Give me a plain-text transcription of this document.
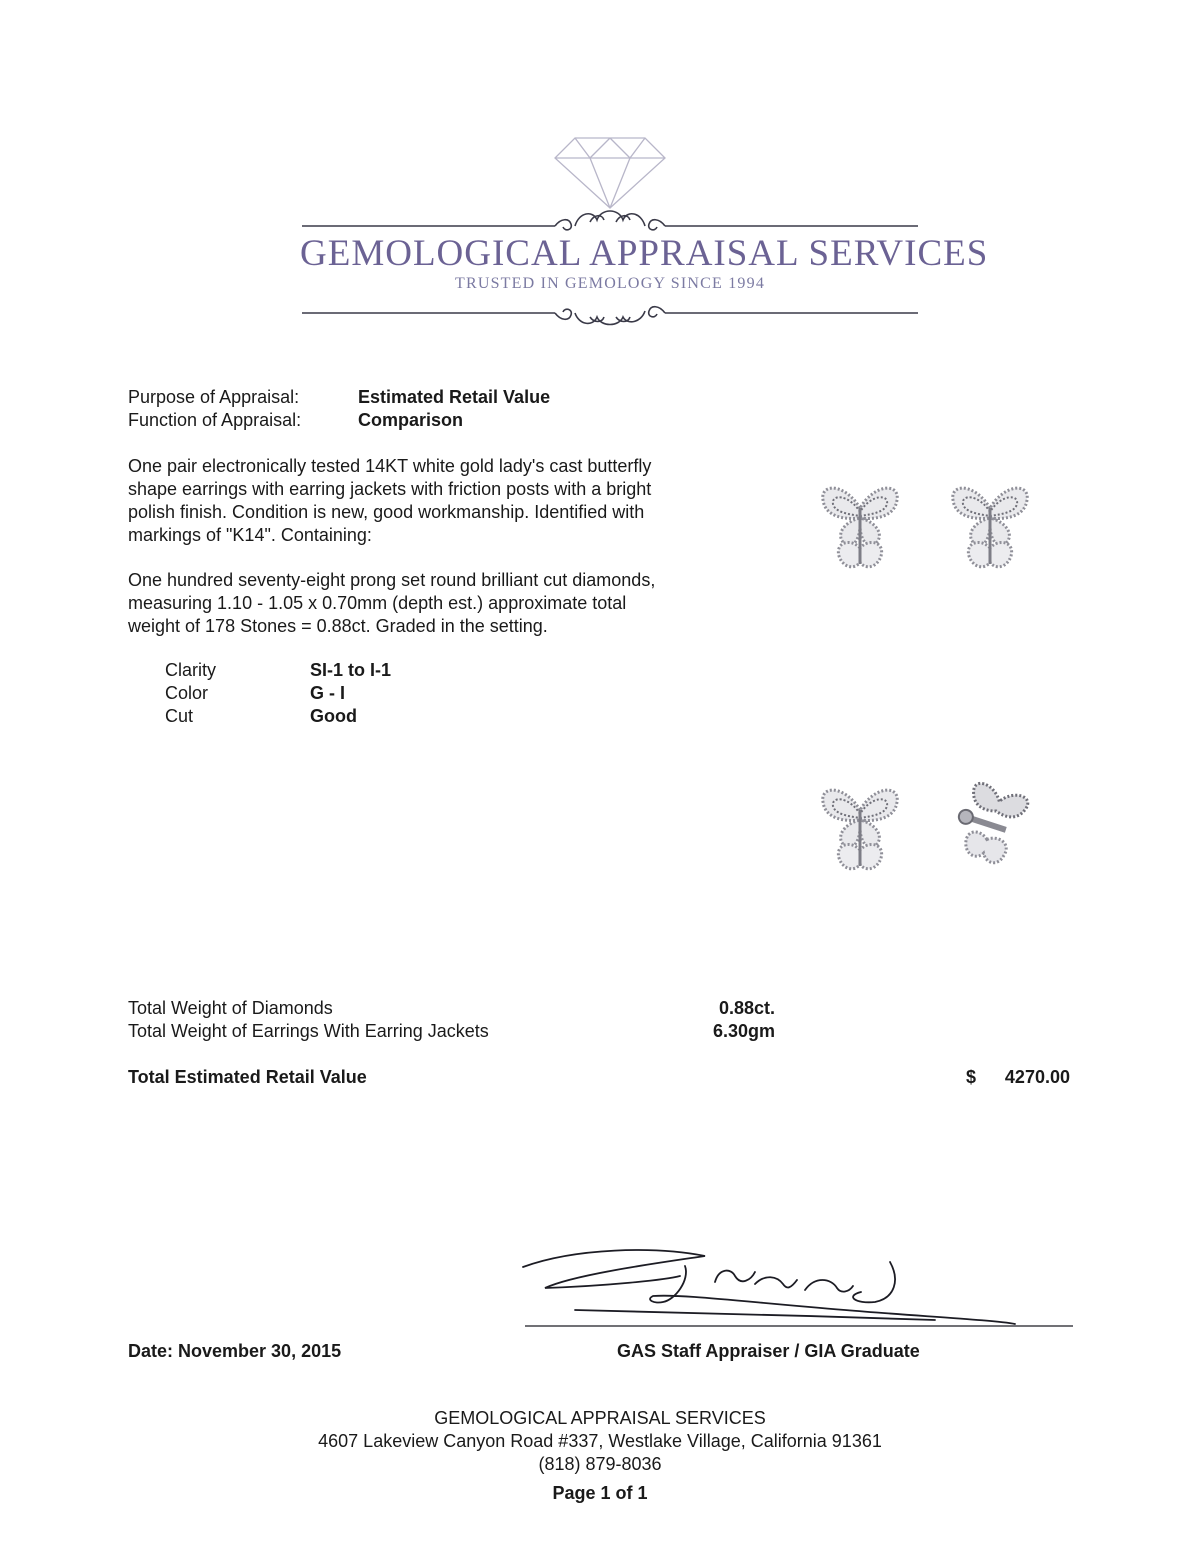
GEMOLOGICAL APPRAISAL SERVICES
TRUSTED IN GEMOLOGY SINCE 1994
Purpose of Appraisal:	Estimated Retail Value
Function of Appraisal:	Comparison
One pair electronically tested 14KT white gold lady's cast butterfly
shape earrings with earring jackets with friction posts with a bright
polish finish. Condition is new, good workmanship. Identified with
markings of "K14". Containing:
One hundred seventy-eight prong set round brilliant cut diamonds,
measuring 1.10 - 1.05 x 0.70mm (depth est.) approximate total
weight of 178 Stones = 0.88ct. Graded in the setting.
Clarity	SI-1 to I-1
Color	G - I
Cut	Good
Total Weight of Diamonds	0.88ct.
Total Weight of Earrings With Earring Jackets	6.30gm
Total Estimated Retail Value	$	4270.00
Date: November 30, 2015	GAS Staff Appraiser / GIA Graduate
GEMOLOGICAL APPRAISAL SERVICES
4607 Lakeview Canyon Road #337, Westlake Village, California 91361
(818) 879-8036
Page 1 of 1
